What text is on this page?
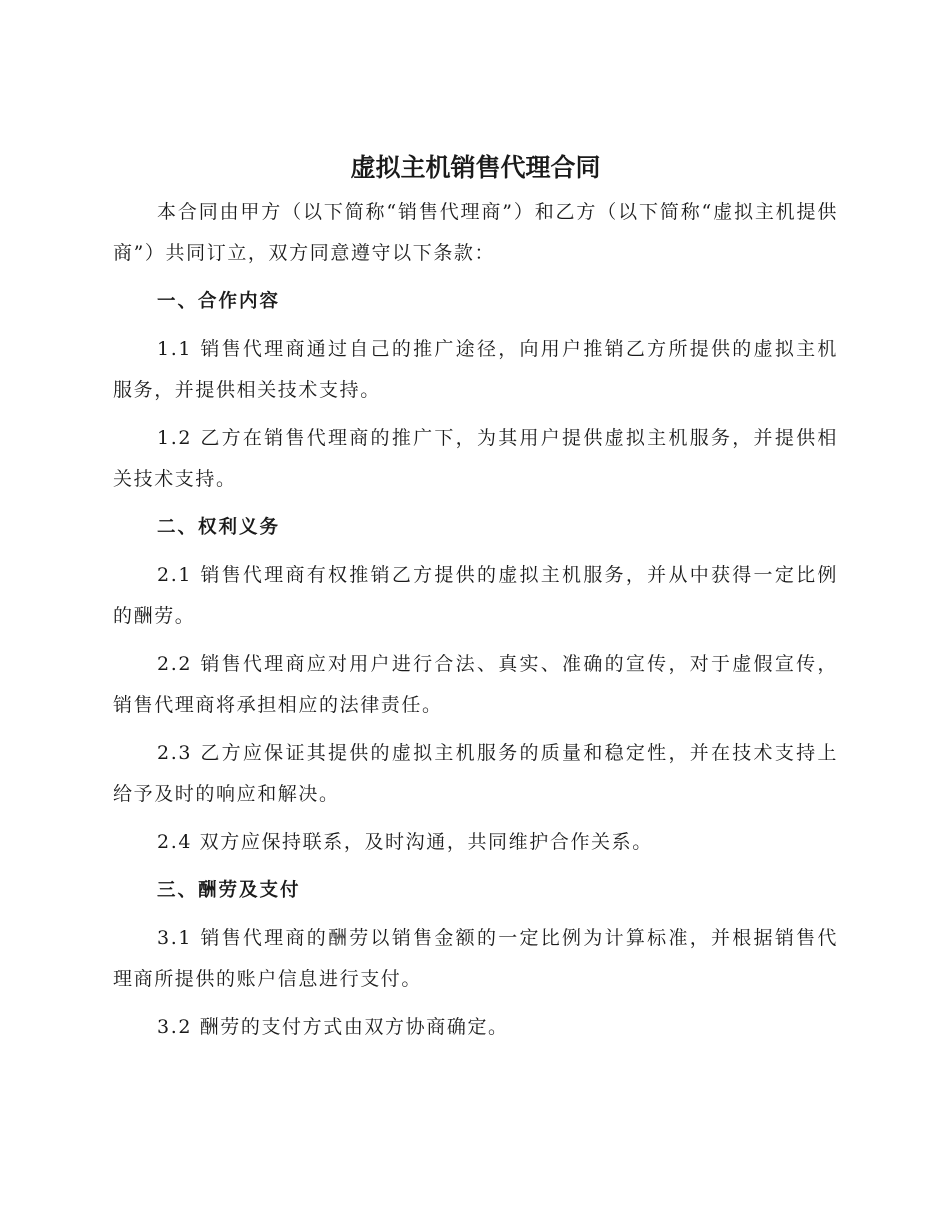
虚拟主机销售代理合同

本合同由甲方（以下简称“销售代理商”）和乙方（以下简称“虚拟主机提供商”）共同订立，双方同意遵守以下条款：

一、合作内容

1.1 销售代理商通过自己的推广途径，向用户推销乙方所提供的虚拟主机服务，并提供相关技术支持。

1.2 乙方在销售代理商的推广下，为其用户提供虚拟主机服务，并提供相关技术支持。

二、权利义务

2.1 销售代理商有权推销乙方提供的虚拟主机服务，并从中获得一定比例的酬劳。

2.2 销售代理商应对用户进行合法、真实、准确的宣传，对于虚假宣传，销售代理商将承担相应的法律责任。

2.3 乙方应保证其提供的虚拟主机服务的质量和稳定性，并在技术支持上给予及时的响应和解决。

2.4 双方应保持联系，及时沟通，共同维护合作关系。

三、酬劳及支付

3.1 销售代理商的酬劳以销售金额的一定比例为计算标准，并根据销售代理商所提供的账户信息进行支付。

3.2 酬劳的支付方式由双方协商确定。
